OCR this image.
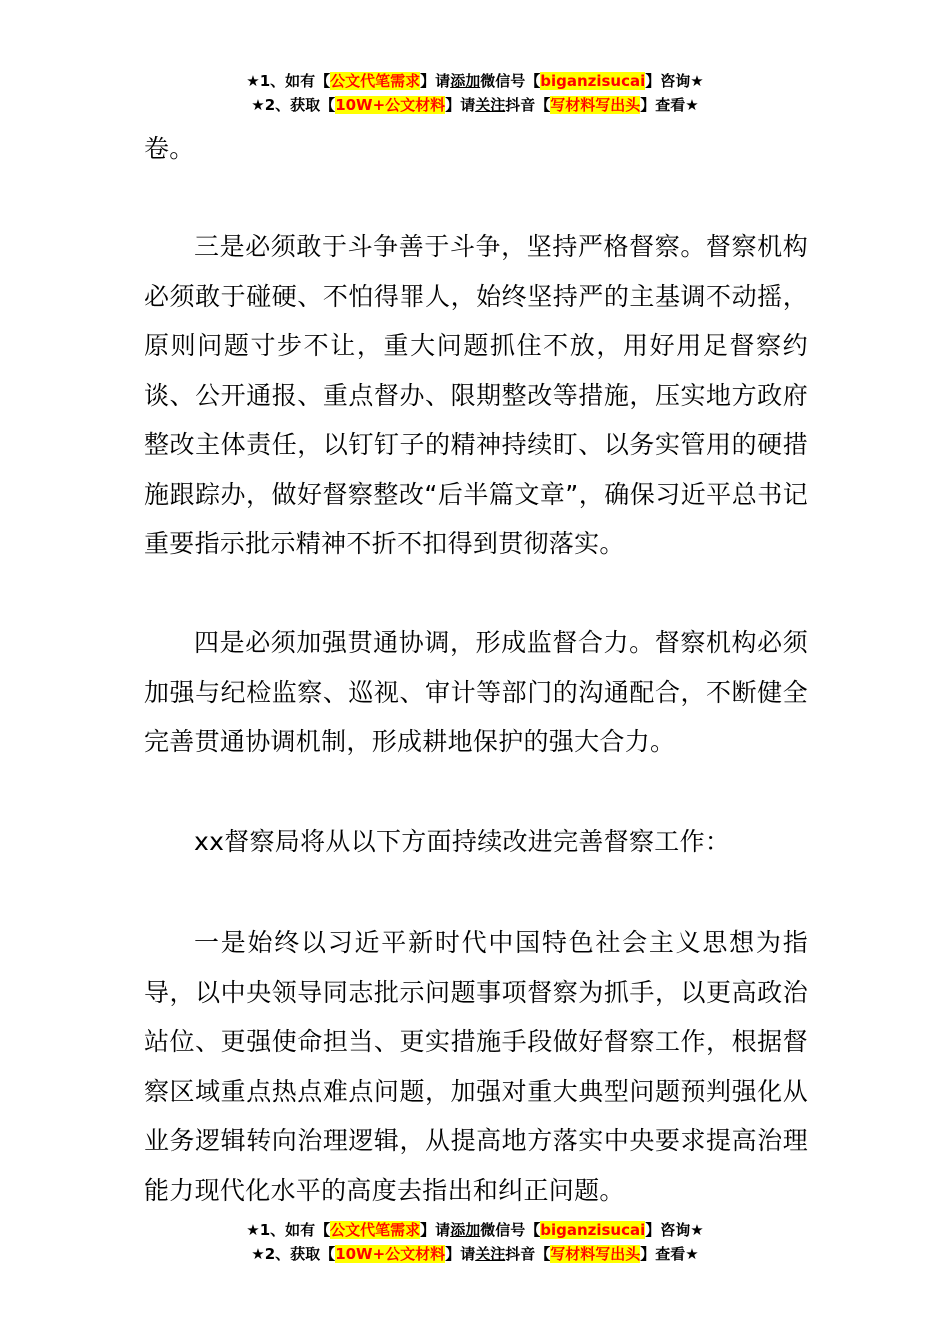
★1、如有【公文代笔需求】请添加微信号【biganzisucai】咨询★
★2、获取【10W+公文材料】请关注抖音【写材料写出头】查看★

卷。

三是必须敢于斗争善于斗争，坚持严格督察。督察机构必须敢于碰硬、不怕得罪人，始终坚持严的主基调不动摇，原则问题寸步不让，重大问题抓住不放，用好用足督察约谈、公开通报、重点督办、限期整改等措施，压实地方政府整改主体责任，以钉钉子的精神持续盯、以务实管用的硬措施跟踪办，做好督察整改“后半篇文章”，确保习近平总书记重要指示批示精神不折不扣得到贯彻落实。

四是必须加强贯通协调，形成监督合力。督察机构必须加强与纪检监察、巡视、审计等部门的沟通配合，不断健全完善贯通协调机制，形成耕地保护的强大合力。

xx督察局将从以下方面持续改进完善督察工作：

一是始终以习近平新时代中国特色社会主义思想为指导，以中央领导同志批示问题事项督察为抓手，以更高政治站位、更强使命担当、更实措施手段做好督察工作，根据督察区域重点热点难点问题，加强对重大典型问题预判强化从业务逻辑转向治理逻辑，从提高地方落实中央要求提高治理能力现代化水平的高度去指出和纠正问题。

★1、如有【公文代笔需求】请添加微信号【biganzisucai】咨询★
★2、获取【10W+公文材料】请关注抖音【写材料写出头】查看★
